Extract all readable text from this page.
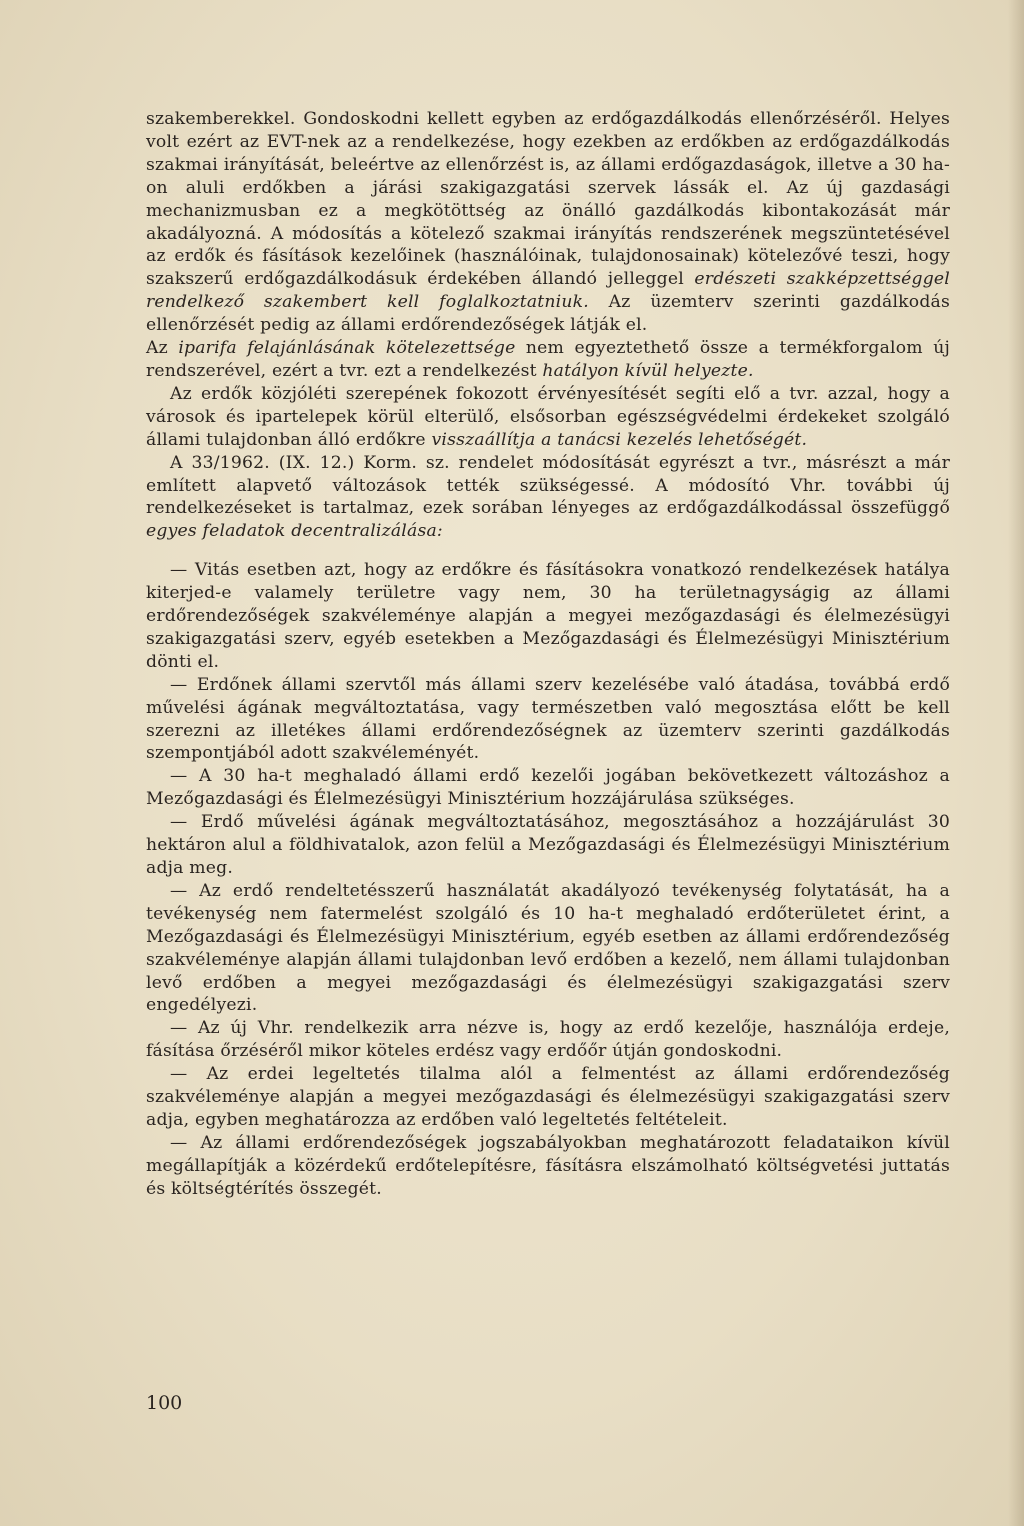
szakemberekkel. Gondoskodni kellett egyben az erdőgazdálkodás ellenőrzéséről. Helyes volt ezért az EVT-nek az a rendelkezése, hogy ezekben az erdőkben az erdőgazdálkodás szakmai irányítását, beleértve az ellenőrzést is, az állami erdőgazdaságok, illetve a 30 ha-on aluli erdőkben a járási szakigazgatási szervek lássák el. Az új gazdasági mechanizmusban ez a megkötöttség az önálló gazdálkodás kibontakozását már akadályozná. A módosítás a kötelező szakmai irányítás rendszerének megszüntetésével az erdők és fásítások kezelőinek (használóinak, tulajdonosainak) kötelezővé teszi, hogy szakszerű erdőgazdálkodásuk érdekében állandó jelleggel erdészeti szakképzettséggel rendelkező szakembert kell foglalkoztatniuk. Az üzemterv szerinti gazdálkodás ellenőrzését pedig az állami erdőrendezőségek látják el.

Az iparifa felajánlásának kötelezettsége nem egyeztethető össze a termékforgalom új rendszerével, ezért a tvr. ezt a rendelkezést hatályon kívül helyezte.

Az erdők közjóléti szerepének fokozott érvényesítését segíti elő a tvr. azzal, hogy a városok és ipartelepek körül elterülő, elsősorban egészségvédelmi érdekeket szolgáló állami tulajdonban álló erdőkre visszaállítja a tanácsi kezelés lehetőségét.

A 33/1962. (IX. 12.) Korm. sz. rendelet módosítását egyrészt a tvr., másrészt a már említett alapvető változások tették szükségessé. A módosító Vhr. további új rendelkezéseket is tartalmaz, ezek sorában lényeges az erdőgazdálkodással összefüggő egyes feladatok decentralizálása:

— Vitás esetben azt, hogy az erdőkre és fásításokra vonatkozó rendelkezések hatálya kiterjed-e valamely területre vagy nem, 30 ha területnagyságig az állami erdőrendezőségek szakvéleménye alapján a megyei mezőgazdasági és élelmezésügyi szakigazgatási szerv, egyéb esetekben a Mezőgazdasági és Élelmezésügyi Minisztérium dönti el.

— Erdőnek állami szervtől más állami szerv kezelésébe való átadása, továbbá erdő művelési ágának megváltoztatása, vagy természetben való megosztása előtt be kell szerezni az illetékes állami erdőrendezőségnek az üzemterv szerinti gazdálkodás szempontjából adott szakvéleményét.

— A 30 ha-t meghaladó állami erdő kezelői jogában bekövetkezett változáshoz a Mezőgazdasági és Élelmezésügyi Minisztérium hozzájárulása szükséges.

— Erdő művelési ágának megváltoztatásához, megosztásához a hozzájárulást 30 hektáron alul a földhivatalok, azon felül a Mezőgazdasági és Élelmezésügyi Minisztérium adja meg.

— Az erdő rendeltetésszerű használatát akadályozó tevékenység folytatását, ha a tevékenység nem fatermelést szolgáló és 10 ha-t meghaladó erdőterületet érint, a Mezőgazdasági és Élelmezésügyi Minisztérium, egyéb esetben az állami erdőrendezőség szakvéleménye alapján állami tulajdonban levő erdőben a kezelő, nem állami tulajdonban levő erdőben a megyei mezőgazdasági és élelmezésügyi szakigazgatási szerv engedélyezi.

— Az új Vhr. rendelkezik arra nézve is, hogy az erdő kezelője, használója erdeje, fásítása őrzéséről mikor köteles erdész vagy erdőőr útján gondoskodni.

— Az erdei legeltetés tilalma alól a felmentést az állami erdőrendezőség szakvéleménye alapján a megyei mezőgazdasági és élelmezésügyi szakigazgatási szerv adja, egyben meghatározza az erdőben való legeltetés feltételeit.

— Az állami erdőrendezőségek jogszabályokban meghatározott feladataikon kívül megállapítják a közérdekű erdőtelepítésre, fásításra elszámolható költségvetési juttatás és költségtérítés összegét.

100
